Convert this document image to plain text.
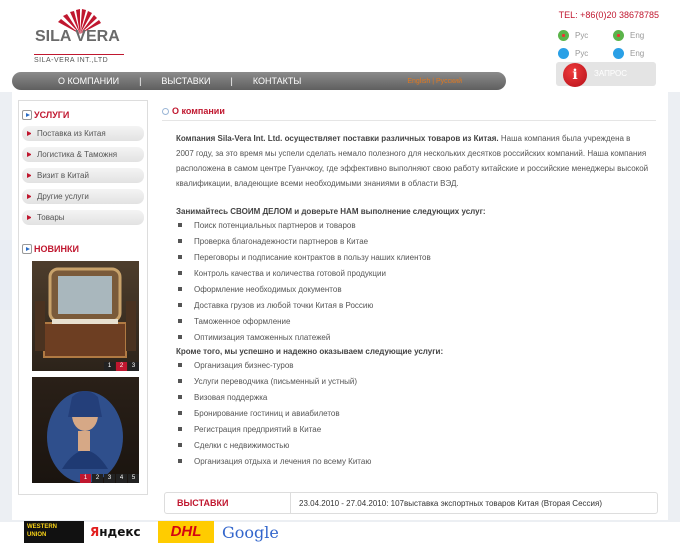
SILA VERA
SILA-VERA INT.,LTD
TEL: +86(0)20 38678785
Рус	Eng
Рус	Eng
О КОМПАНИИ | ВЫСТАВКИ | КОНТАКТЫ	English | Русский	i	ЗАПРОС
УСЛУГИ
Поставка из Китая
Логистика & Таможня
Визит в Китай
Другие услуги
Товары
НОВИНКИ
1	2	3
1	2	3	4	5
О компании
Компания Sila-Vera Int. Ltd. осуществляет поставки различных товаров из Китая. Наша компания была учреждена в 2007 году, за это время мы успели сделать немало полезного для нескольких десятков российских компаний. Наша компания расположена в самом центре Гуанчжоу, где эффективно выполняют свою работу китайские и российские менеджеры высокой квалификации, владеющие всеми необходимыми знаниями в области ВЭД.
Занимайтесь СВОИМ ДЕЛОМ и доверьте НАМ выполнение следующих услуг:
Поиск потенциальных партнеров и товаров
Проверка благонадежности партнеров в Китае
Переговоры и подписание контрактов в пользу наших клиентов
Контроль качества и количества готовой продукции
Оформление необходимых документов
Доставка грузов из любой точки Китая в Россию
Таможенное оформление
Оптимизация таможенных платежей
Кроме того, мы успешно и надежно оказываем следующие услуги:
Организация бизнес-туров
Услуги переводчика (письменный и устный)
Визовая поддержка
Бронирование гостиниц и авиабилетов
Регистрация предприятий в Китае
Сделки с недвижимостью
Организация отдыха и лечения по всему Китаю
ВЫСТАВКИ	23.04.2010 - 27.04.2010: 107выставка экспортных товаров Китая (Вторая Сессия)
WESTERN
UNION	Я ндекс	DHL	Google
